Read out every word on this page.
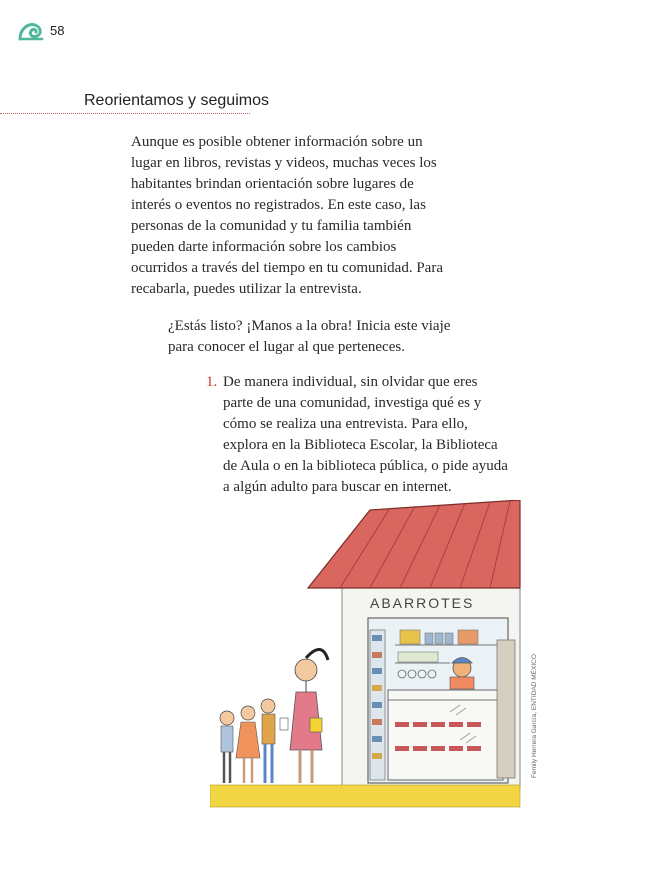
58
Reorientamos y seguimos

Aunque es posible obtener información sobre un lugar en libros, revistas y videos, muchas veces los habitantes brindan orientación sobre lugares de interés o eventos no registrados. En este caso, las personas de la comunidad y tu familia también pueden darte información sobre los cambios ocurridos a través del tiempo en tu comunidad. Para recabarla, puedes utilizar la entrevista.

¿Estás listo? ¡Manos a la obra! Inicia este viaje para conocer el lugar al que perteneces.

1. De manera individual, sin olvidar que eres parte de una comunidad, investiga qué es y cómo se realiza una entrevista. Para ello, explora en la Biblioteca Escolar, la Biblioteca de Aula o en la biblioteca pública, o pide ayuda a algún adulto para buscar en internet.

ABARROTES
Femily Herrera García, ENTIDAD MÉXICO
